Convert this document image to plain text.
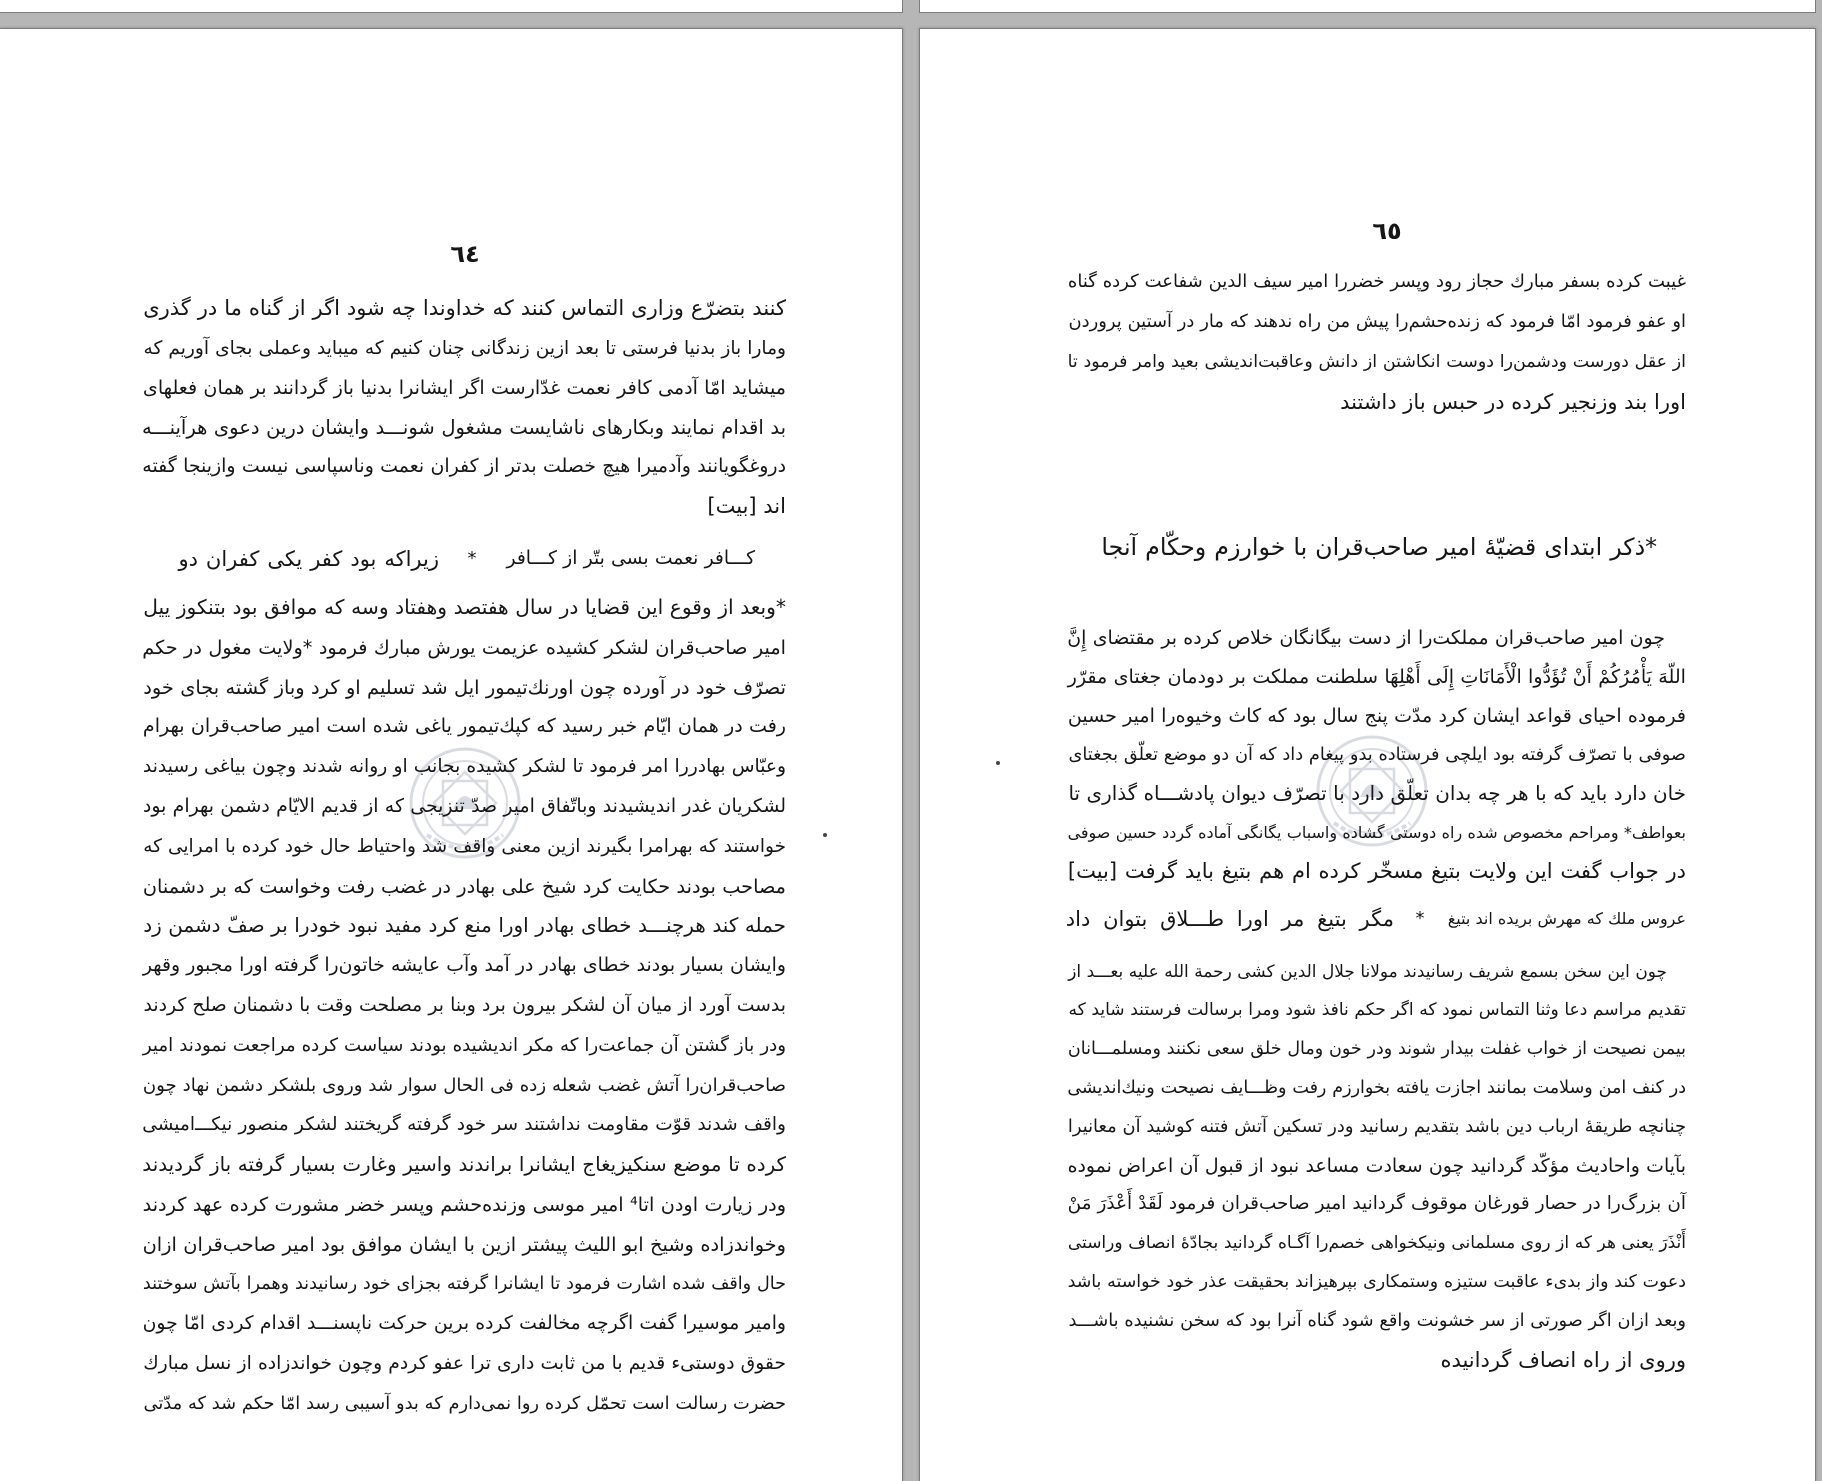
٦٤
کنند بتضرّع وزاری التماس کنند که خداوندا چه شود اگر از گناه ما در گذری
ومارا باز بدنیا فرستی تا بعد ازین زندگانی چنان کنیم که میباید وعملی بجای آوریم که
میشاید امّا آدمی کافر نعمت غدّارست اگر ایشانرا بدنیا باز گردانند بر همان فعلهای
بد اقدام نمایند وبکارهای ناشایست مشغول شونـــد وایشان درین دعوی هرآینـــه
دروغگویانند وآدمیرا هیچ خصلت بدتر از کفران نعمت وناسپاسی نیست وازینجا گفته
اند [بیت]
کـــافر نعمت بسی بتّر از کـــافر
*
زیراکه بود کفر یکی کفران دو
*وبعد از وقوع این قضایا در سال هفتصد وهفتاد وسه که موافق بود بتنکوز ییل
امیر صاحب‌قران لشکر کشیده عزیمت یورش مبارك فرمود *ولایت مغول در حکم
تصرّف خود در آورده چون اورنك‌تیمور ایل شد تسلیم او کرد وباز گشته بجای خود
رفت در همان ایّام خبر رسید که کپك‌تیمور یاغی شده است امیر صاحب‌قران بهرام
وعبّاس بهادررا امر فرمود تا لشکر کشیده بجانب او روانه شدند وچون بیاغی رسیدند
لشکریان غدر اندیشیدند وباتّفاق امیر صدّ تنزیجی که از قدیم الایّام دشمن بهرام بود
خواستند که بهرامرا بگیرند ازین معنی واقف شد واحتیاط حال خود کرده با امرایی که
مصاحب بودند حکایت کرد شیخ علی بهادر در غضب رفت وخواست که بر دشمنان
حمله کند هرچنـــد خطای بهادر اورا منع کرد مفید نبود خودرا بر صفّ دشمن زد
وایشان بسیار بودند خطای بهادر در آمد وآب عایشه خاتون‌را گرفته اورا مجبور وقهر
بدست آورد از میان آن لشکر بیرون برد وبنا بر مصلحت وقت با دشمنان صلح کردند
ودر باز گشتن آن جماعت‌را که مکر اندیشیده بودند سیاست کرده مراجعت نمودند امیر
صاحب‌قران‌را آتش غضب شعله زده فی الحال سوار شد وروی بلشکر دشمن نهاد چون
واقف شدند قوّت مقاومت نداشتند سر خود گرفته گریختند لشکر منصور نیکـــ‌امیشی
کرده تا موضع سنکیزیغاج ایشانرا براندند واسیر وغارت بسیار گرفته باز گردیدند
ودر زیارت اودن اتا⁴ امیر موسی وزنده‌حشم وپسر خضر مشورت کرده عهد کردند
وخواندزاده وشیخ ابو اللیث پیشتر ازین با ایشان موافق بود امیر صاحب‌قران ازان
حال واقف شده اشارت فرمود تا ایشانرا گرفته بجزای خود رسانیدند وهمرا بآتش سوختند
وامیر موسیرا گفت اگرچه مخالفت کرده برین حرکت ناپسنـــد اقدام کردی امّا چون
حقوق دوستیء قدیم با من ثابت داری ترا عفو کردم وچون خواندزاده از نسل مبارك
حضرت رسالت است تحمّل کرده روا نمی‌دارم که بدو آسیبی رسد امّا حکم شد که مدّتی
٦٥
غیبت کرده بسفر مبارك حجاز رود وپسر خضررا امیر سیف الدین شفاعت کرده گناه
او عفو فرمود امّا فرمود که زنده‌حشم‌را پیش من راه ندهند که مار در آستین پروردن
از عقل دورست ودشمن‌را دوست انکاشتن از دانش وعاقبت‌اندیشی بعید وامر فرمود تا
اورا بند وزنجیر کرده در حبس باز داشتند
*ذکر ابتدای قضیّهٔ امیر صاحب‌قران با خوارزم وحکّام آنجا
چون امیر صاحب‌قران مملکت‌را از دست بیگانگان خلاص کرده بر مقتضای إِنَّ
اللّهَ یَأْمُرُکُمْ أَنْ تُؤَدُّوا الْأَمَانَاتِ إِلَى أَهْلِهَا سلطنت مملکت بر دودمان جغتای مقرّر
فرموده احیای قواعد ایشان کرد مدّت پنج سال بود که کاث وخیوه‌را امیر حسین
صوفی با تصرّف گرفته بود ایلچی فرستاده بدو پیغام داد که آن دو موضع تعلّق بجغتای
خان دارد باید که با هر چه بدان تعلّق دارد با تصرّف دیوان پادشـــاه گذاری تا
بعواطف* ومراحم مخصوص شده راه دوستی گشاده واسباب یگانگی آماده گردد حسین صوفی
در جواب گفت این ولایت بتیغ مسخّر کرده ام هم بتیغ باید گرفت [بیت]
عروس ملك که مهرش بریده اند بتیغ
*
مگر بتیغ مر اورا طـــلاق بتوان داد
چون این سخن بسمع شریف رسانیدند مولانا جلال الدین کشی رحمة الله علیه بعـــد از
تقدیم مراسم دعا وثنا التماس نمود که اگر حکم نافذ شود ومرا برسالت فرستند شاید که
بیمن نصیحت از خواب غفلت بیدار شوند ودر خون ومال خلق سعی نکنند ومسلمـــانان
در کنف امن وسلامت بمانند اجازت یافته بخوارزم رفت وظـــایف نصیحت ونیك‌اندیشی
چنانچه طریقهٔ ارباب دین باشد بتقدیم رسانید ودر تسکین آتش فتنه کوشید آن معانیرا
بآیات واحادیث مؤکّد گردانید چون سعادت مساعد نبود از قبول آن اعراض نموده
آن بزرگ‌را در حصار قورغان موقوف گردانید امیر صاحب‌قران فرمود لَقَدْ أَعْذَرَ مَنْ
أَنْذَرَ یعنی هر که از روی مسلمانی ونیکخواهی خصم‌را آگـاه گردانید بجادّهٔ انصاف وراستی
دعوت کند واز بدیء عاقبت ستیزه وستمکاری بپرهیزاند بحقیقت عذر خود خواسته باشد
وبعد ازان اگر صورتی از سر خشونت واقع شود گناه آنرا بود که سخن نشنیده باشـــد
وروی از راه انصاف گردانیده
